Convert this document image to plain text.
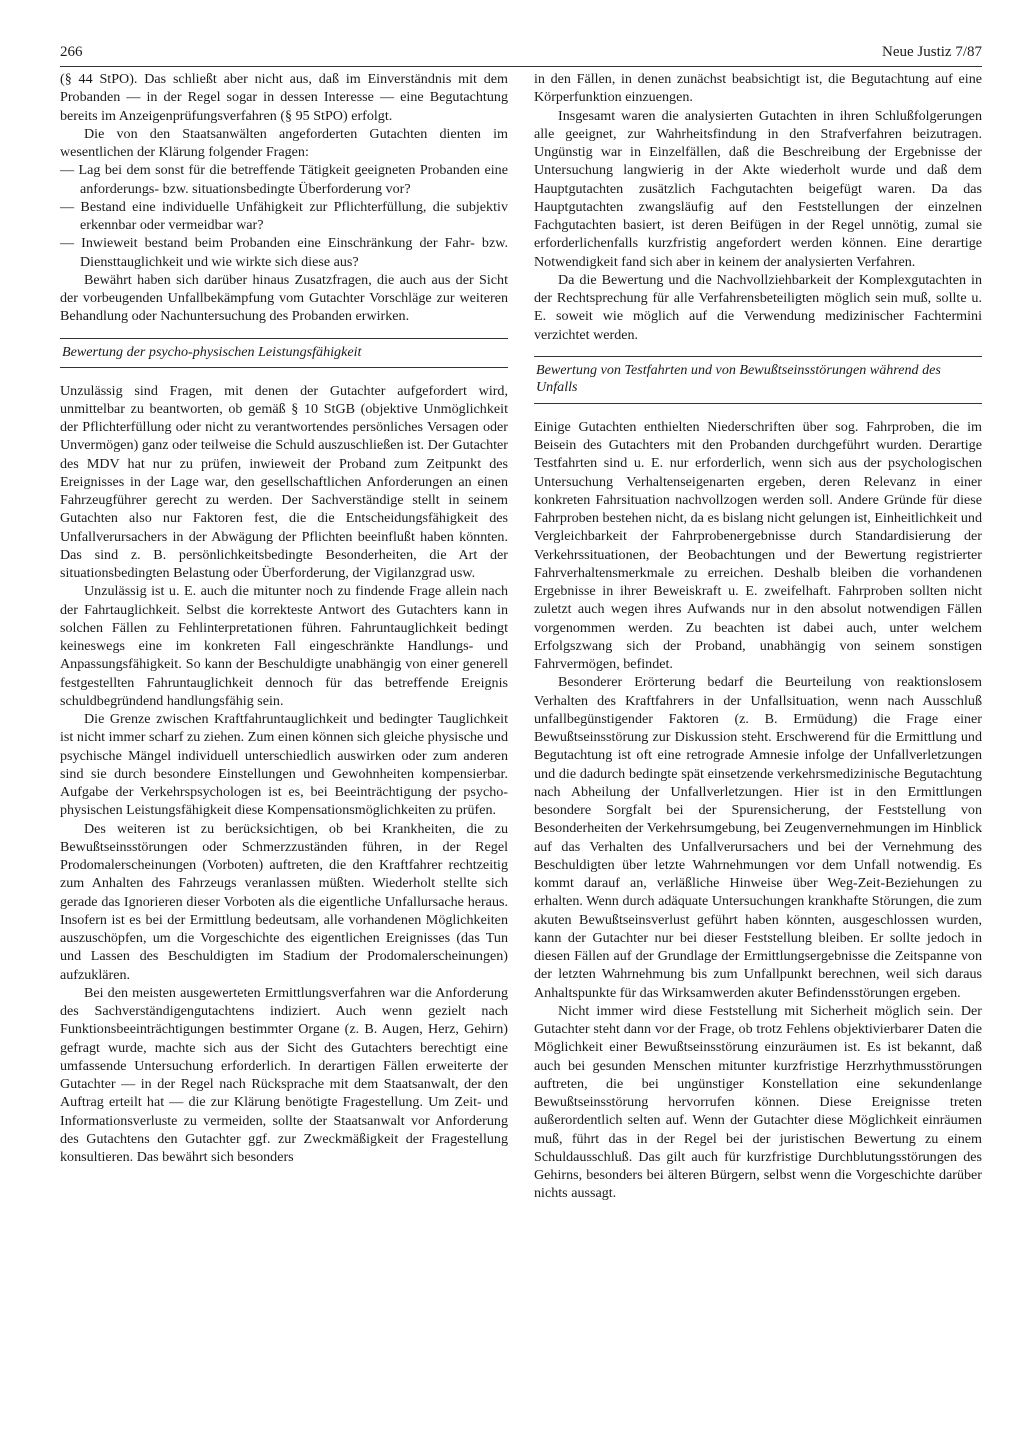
266	Neue Justiz 7/87

(§ 44 StPO). Das schließt aber nicht aus, daß im Einverständnis mit dem Probanden — in der Regel sogar in dessen Interesse — eine Begutachtung bereits im Anzeigenprüfungsverfahren (§ 95 StPO) erfolgt.

Die von den Staatsanwälten angeforderten Gutachten dienten im wesentlichen der Klärung folgender Fragen:

— Lag bei dem sonst für die betreffende Tätigkeit geeigneten Probanden eine anforderungs- bzw. situationsbedingte Überforderung vor?
— Bestand eine individuelle Unfähigkeit zur Pflichterfüllung, die subjektiv erkennbar oder vermeidbar war?
— Inwieweit bestand beim Probanden eine Einschränkung der Fahr- bzw. Diensttauglichkeit und wie wirkte sich diese aus?

Bewährt haben sich darüber hinaus Zusatzfragen, die auch aus der Sicht der vorbeugenden Unfallbekämpfung vom Gutachter Vorschläge zur weiteren Behandlung oder Nachuntersuchung des Probanden erwirken.

Bewertung der psycho-physischen Leistungsfähigkeit

Unzulässig sind Fragen, mit denen der Gutachter aufgefordert wird, unmittelbar zu beantworten, ob gemäß § 10 StGB (objektive Unmöglichkeit der Pflichterfüllung oder nicht zu verantwortendes persönliches Versagen oder Unvermögen) ganz oder teilweise die Schuld auszuschließen ist. Der Gutachter des MDV hat nur zu prüfen, inwieweit der Proband zum Zeitpunkt des Ereignisses in der Lage war, den gesellschaftlichen Anforderungen an einen Fahrzeugführer gerecht zu werden. Der Sachverständige stellt in seinem Gutachten also nur Faktoren fest, die die Entscheidungsfähigkeit des Unfallverursachers in der Abwägung der Pflichten beeinflußt haben könnten. Das sind z. B. persönlichkeitsbedingte Besonderheiten, die Art der situationsbedingten Belastung oder Überforderung, der Vigilanzgrad usw.

Unzulässig ist u. E. auch die mitunter noch zu findende Frage allein nach der Fahrtauglichkeit. Selbst die korrekteste Antwort des Gutachters kann in solchen Fällen zu Fehlinterpretationen führen. Fahruntauglichkeit bedingt keineswegs eine im konkreten Fall eingeschränkte Handlungs- und Anpassungsfähigkeit. So kann der Beschuldigte unabhängig von einer generell festgestellten Fahruntauglichkeit dennoch für das betreffende Ereignis schuldbegründend handlungsfähig sein.

Die Grenze zwischen Kraftfahruntauglichkeit und bedingter Tauglichkeit ist nicht immer scharf zu ziehen. Zum einen können sich gleiche physische und psychische Mängel individuell unterschiedlich auswirken oder zum anderen sind sie durch besondere Einstellungen und Gewohnheiten kompensierbar. Aufgabe der Verkehrspsychologen ist es, bei Beeinträchtigung der psycho-physischen Leistungsfähigkeit diese Kompensationsmöglichkeiten zu prüfen.

Des weiteren ist zu berücksichtigen, ob bei Krankheiten, die zu Bewußtseinsstörungen oder Schmerzzuständen führen, in der Regel Prodomalerscheinungen (Vorboten) auftreten, die den Kraftfahrer rechtzeitig zum Anhalten des Fahrzeugs veranlassen müßten. Wiederholt stellte sich gerade das Ignorieren dieser Vorboten als die eigentliche Unfallursache heraus. Insofern ist es bei der Ermittlung bedeutsam, alle vorhandenen Möglichkeiten auszuschöpfen, um die Vorgeschichte des eigentlichen Ereignisses (das Tun und Lassen des Beschuldigten im Stadium der Prodomalerscheinungen) aufzuklären.

Bei den meisten ausgewerteten Ermittlungsverfahren war die Anforderung des Sachverständigengutachtens indiziert. Auch wenn gezielt nach Funktionsbeeinträchtigungen bestimmter Organe (z. B. Augen, Herz, Gehirn) gefragt wurde, machte sich aus der Sicht des Gutachters berechtigt eine umfassende Untersuchung erforderlich. In derartigen Fällen erweiterte der Gutachter — in der Regel nach Rücksprache mit dem Staatsanwalt, der den Auftrag erteilt hat — die zur Klärung benötigte Fragestellung. Um Zeit- und Informationsverluste zu vermeiden, sollte der Staatsanwalt vor Anforderung des Gutachtens den Gutachter ggf. zur Zweckmäßigkeit der Fragestellung konsultieren. Das bewährt sich besonders

in den Fällen, in denen zunächst beabsichtigt ist, die Begutachtung auf eine Körperfunktion einzuengen.

Insgesamt waren die analysierten Gutachten in ihren Schlußfolgerungen alle geeignet, zur Wahrheitsfindung in den Strafverfahren beizutragen. Ungünstig war in Einzelfällen, daß die Beschreibung der Ergebnisse der Untersuchung langwierig in der Akte wiederholt wurde und daß dem Hauptgutachten zusätzlich Fachgutachten beigefügt waren. Da das Hauptgutachten zwangsläufig auf den Feststellungen der einzelnen Fachgutachten basiert, ist deren Beifügen in der Regel unnötig, zumal sie erforderlichenfalls kurzfristig angefordert werden können. Eine derartige Notwendigkeit fand sich aber in keinem der analysierten Verfahren.

Da die Bewertung und die Nachvollziehbarkeit der Komplexgutachten in der Rechtsprechung für alle Verfahrensbeteiligten möglich sein muß, sollte u. E. soweit wie möglich auf die Verwendung medizinischer Fachtermini verzichtet werden.

Bewertung von Testfahrten und von Bewußtseinsstörungen während des Unfalls

Einige Gutachten enthielten Niederschriften über sog. Fahrproben, die im Beisein des Gutachters mit den Probanden durchgeführt wurden. Derartige Testfahrten sind u. E. nur erforderlich, wenn sich aus der psychologischen Untersuchung Verhaltenseigenarten ergeben, deren Relevanz in einer konkreten Fahrsituation nachvollzogen werden soll. Andere Gründe für diese Fahrproben bestehen nicht, da es bislang nicht gelungen ist, Einheitlichkeit und Vergleichbarkeit der Fahrprobenergebnisse durch Standardisierung der Verkehrssituationen, der Beobachtungen und der Bewertung registrierter Fahrverhaltensmerkmale zu erreichen. Deshalb bleiben die vorhandenen Ergebnisse in ihrer Beweiskraft u. E. zweifelhaft. Fahrproben sollten nicht zuletzt auch wegen ihres Aufwands nur in den absolut notwendigen Fällen vorgenommen werden. Zu beachten ist dabei auch, unter welchem Erfolgszwang sich der Proband, unabhängig von seinem sonstigen Fahrvermögen, befindet.

Besonderer Erörterung bedarf die Beurteilung von reaktionslosem Verhalten des Kraftfahrers in der Unfallsituation, wenn nach Ausschluß unfallbegünstigender Faktoren (z. B. Ermüdung) die Frage einer Bewußtseinsstörung zur Diskussion steht. Erschwerend für die Ermittlung und Begutachtung ist oft eine retrograde Amnesie infolge der Unfallverletzungen und die dadurch bedingte spät einsetzende verkehrsmedizinische Begutachtung nach Abheilung der Unfallverletzungen. Hier ist in den Ermittlungen besondere Sorgfalt bei der Spurensicherung, der Feststellung von Besonderheiten der Verkehrsumgebung, bei Zeugenvernehmungen im Hinblick auf das Verhalten des Unfallverursachers und bei der Vernehmung des Beschuldigten über letzte Wahrnehmungen vor dem Unfall notwendig. Es kommt darauf an, verläßliche Hinweise über Weg-Zeit-Beziehungen zu erhalten. Wenn durch adäquate Untersuchungen krankhafte Störungen, die zum akuten Bewußtseinsverlust geführt haben könnten, ausgeschlossen wurden, kann der Gutachter nur bei dieser Feststellung bleiben. Er sollte jedoch in diesen Fällen auf der Grundlage der Ermittlungsergebnisse die Zeitspanne von der letzten Wahrnehmung bis zum Unfallpunkt berechnen, weil sich daraus Anhaltspunkte für das Wirksamwerden akuter Befindensstörungen ergeben.

Nicht immer wird diese Feststellung mit Sicherheit möglich sein. Der Gutachter steht dann vor der Frage, ob trotz Fehlens objektivierbarer Daten die Möglichkeit einer Bewußtseinsstörung einzuräumen ist. Es ist bekannt, daß auch bei gesunden Menschen mitunter kurzfristige Herzrhythmusstörungen auftreten, die bei ungünstiger Konstellation eine sekundenlange Bewußtseinsstörung hervorrufen können. Diese Ereignisse treten außerordentlich selten auf. Wenn der Gutachter diese Möglichkeit einräumen muß, führt das in der Regel bei der juristischen Bewertung zu einem Schuldausschluß. Das gilt auch für kurzfristige Durchblutungsstörungen des Gehirns, besonders bei älteren Bürgern, selbst wenn die Vorgeschichte darüber nichts aussagt.
